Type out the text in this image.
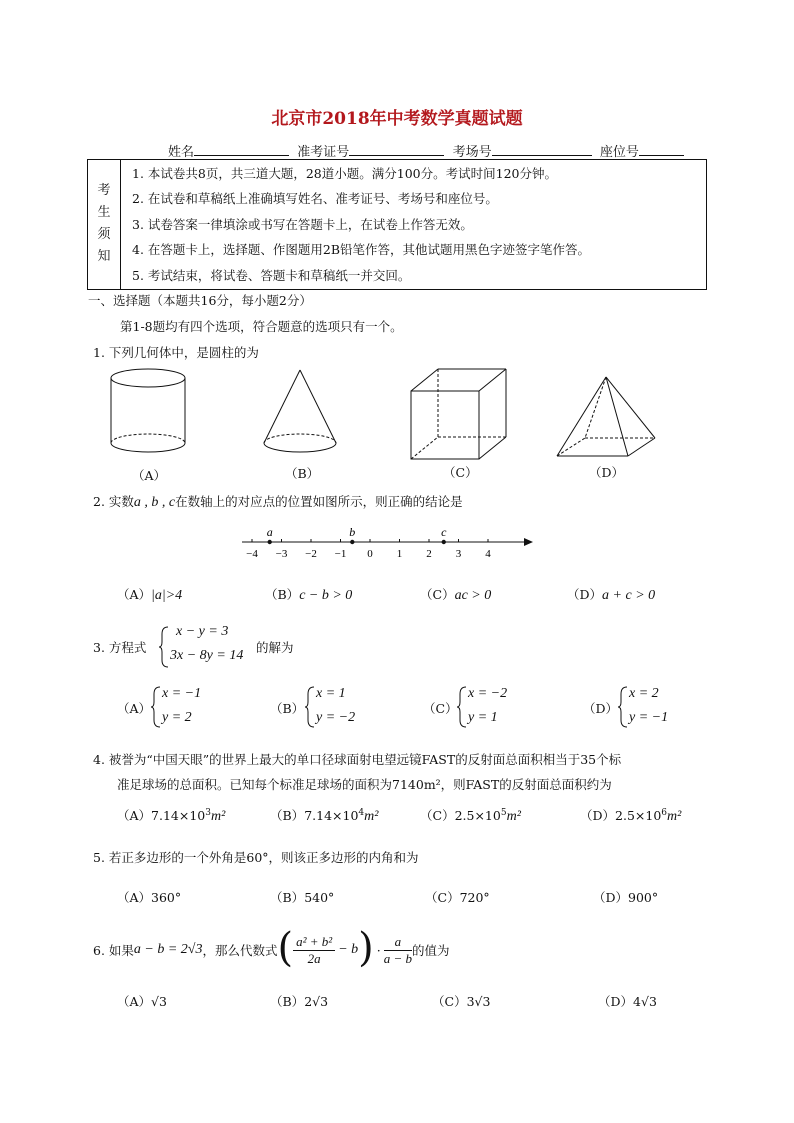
北京市2018年中考数学真题试题
姓名	准考证号	考场号	座位号
考
生
须
知

1. 本试卷共8页，共三道大题，28道小题。满分100分。考试时间120分钟。
2. 在试卷和草稿纸上准确填写姓名、准考证号、考场号和座位号。
3. 试卷答案一律填涂或书写在答题卡上，在试卷上作答无效。
4. 在答题卡上，选择题、作图题用2B铅笔作答，其他试题用黑色字迹签字笔作答。
5. 考试结束，将试卷、答题卡和草稿纸一并交回。
一、选择题（本题共16分，每小题2分）
第1-8题均有四个选项，符合题意的选项只有一个。
1. 下列几何体中，是圆柱的为
（A）	（B）	（C）	（D）
2. 实数a , b , c在数轴上的对应点的位置如图所示，则正确的结论是
−4 −3 −2 −1 0 1 2 3 4
a	b	c
（A）|a|>4	（B）c − b > 0	（C）ac > 0	（D）a + c > 0
3. 方程式
x − y = 3
3x − 8y = 14
的解为
（A）
x = −1
y = 2
（B）
x = 1
y = −2
（C）
x = −2
y = 1
（D）
x = 2
y = −1
4. 被誉为“中国天眼”的世界上最大的单口径球面射电望远镜FAST的反射面总面积相当于35个标
准足球场的总面积。已知每个标准足球场的面积为7140m²，则FAST的反射面总面积约为
$(A)7.14\times 10^3m^2$	$(B)7.14\times 10^4m^2$	$(C)2.5\times 10^5m^2$	$(D)2.5\times 10^6m^2$
5. 若正多边形的一个外角是60°，则该正多边形的内角和为
（A）360°	（B）540°	（C）720°	（D）900°
6. 如果 a − b = 2√3 ，那么代数式 ( $\frac{\text{a² + b²}}{2a} - b$ ) · $\frac{a}{a - b}$ 的值为
（A）√3	（B）2√3	（C）3√3	（D）4√3
